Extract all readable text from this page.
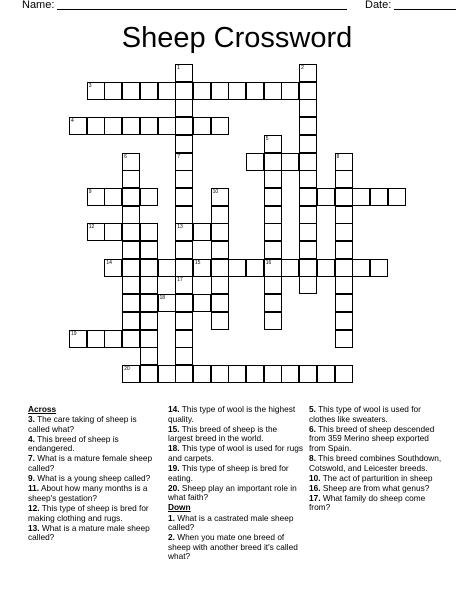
Name:	Date:
Sheep Crossword
3
4
9
12	13
14	15	16
18
19
20
1
7
17
2
5
6	8
10

Across

3. The care taking of sheep is called what?

4. This breed of sheep is endangered.

7. What is a mature female sheep called?

9. What is a young sheep called?

11. About how many months is a sheep's gestation?

12. This type of sheep is bred for making clothing and rugs.

13. What is a mature male sheep called?

14. This type of wool is the highest quality.

15. This breed of sheep is the largest breed in the world.

18. This type of wool is used for rugs and carpets.

19. This type of sheep is bred for eating.

20. Sheep play an important role in what faith?

Down

1. What is a castrated male sheep called?

2. When you mate one breed of sheep with another breed it's called what?

5. This type of wool is used for clothes like sweaters.

6. This breed of sheep descended from 359 Merino sheep exported from Spain.

8. This breed combines Southdown, Cotswold, and Leicester breeds.

10. The act of parturition in sheep

16. Sheep are from what genus?

17. What family do sheep come from?
